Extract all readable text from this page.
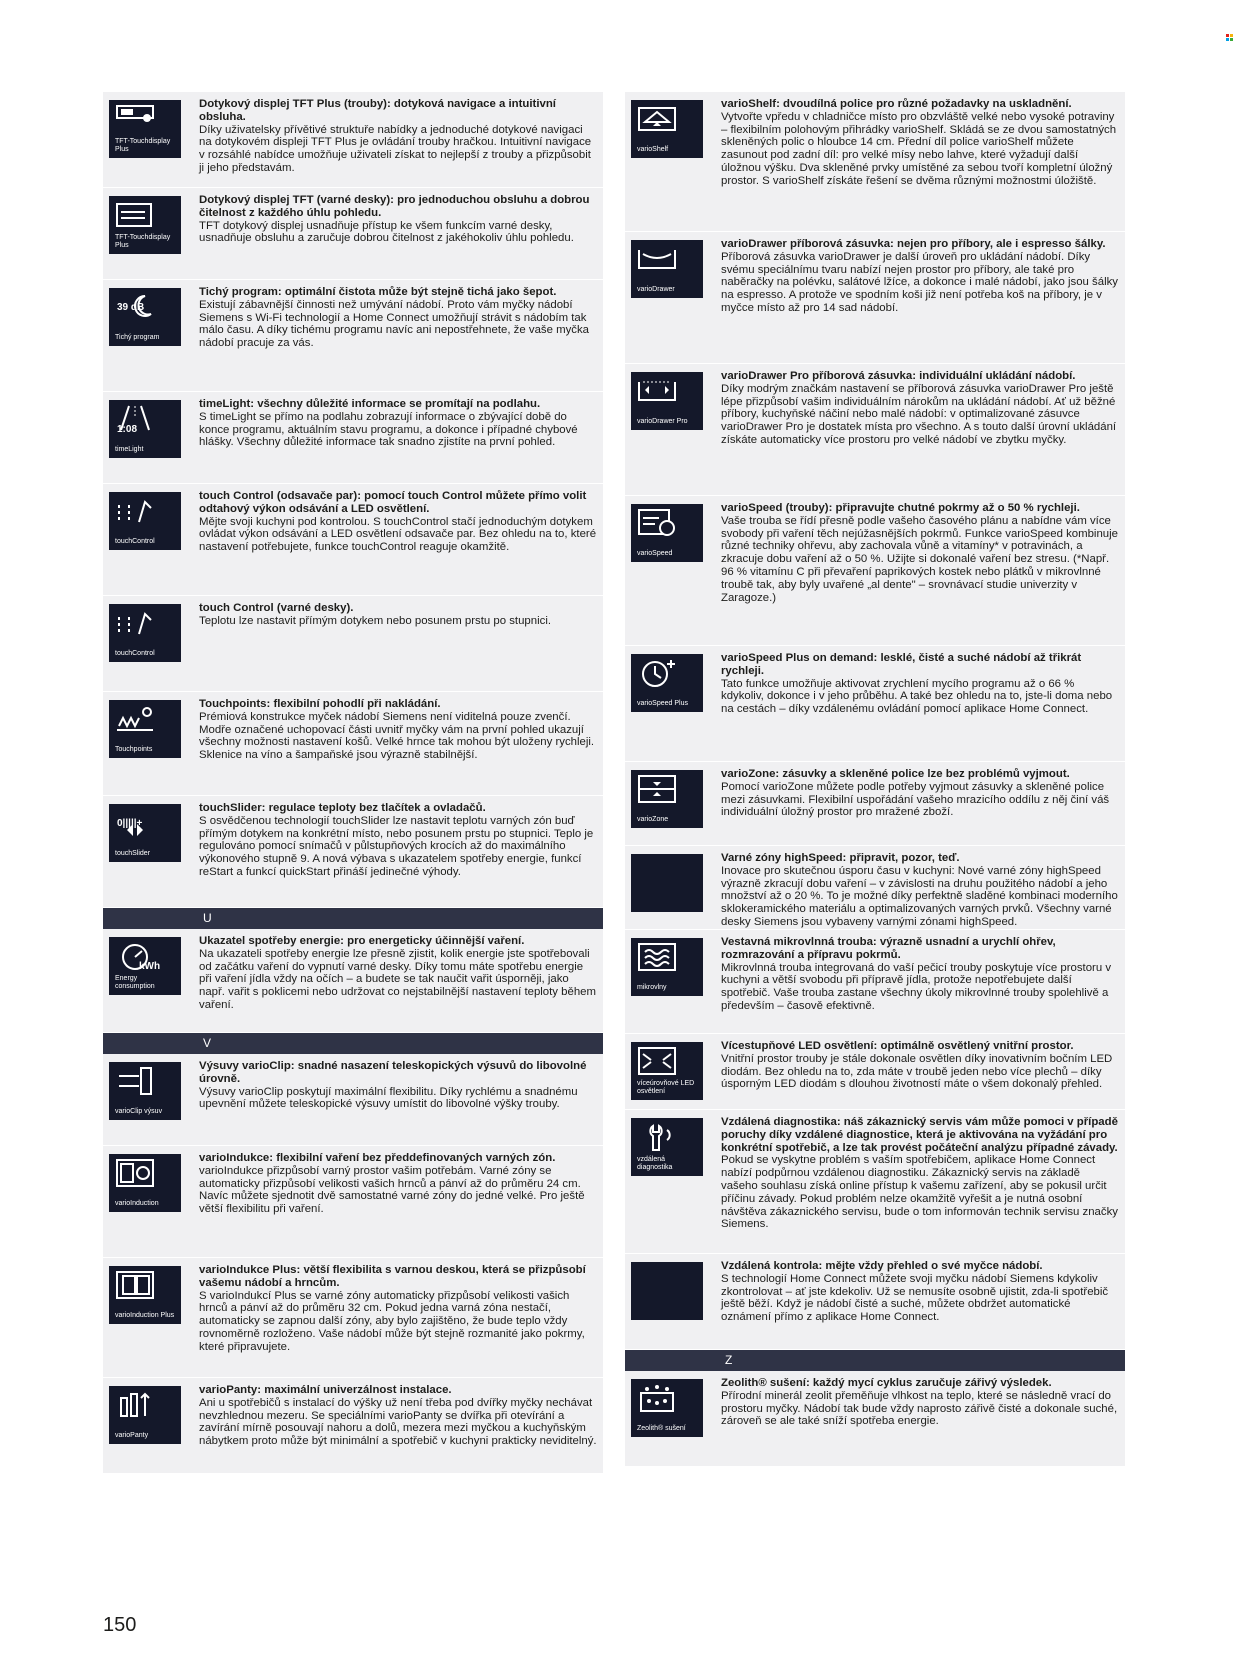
TFT-Touchdisplay Plus
Dotykový displej TFT Plus (trouby): dotyková navigace a intuitivní obsluha.
Díky uživatelsky přívětivé struktuře nabídky a jednoduché dotykové navigaci na dotykovém displeji TFT Plus je ovládání trouby hračkou. Intuitivní navigace v rozsáhlé nabídce umožňuje uživateli získat to nejlepší z trouby a přizpůsobit ji jeho představám.
TFT-Touchdisplay Plus
Dotykový displej TFT (varné desky): pro jednoduchou obsluhu a dobrou čitelnost z každého úhlu pohledu.
TFT dotykový displej usnadňuje přístup ke všem funkcím varné desky, usnadňuje obsluhu a zaručuje dobrou čitelnost z jakéhokoliv úhlu pohledu.
39 dB
Tichý program
Tichý program: optimální čistota může být stejně tichá jako šepot.
Existují zábavnější činnosti než umývání nádobí. Proto vám myčky nádobí Siemens s Wi-Fi technologií a Home Connect umožňují strávit s nádobím tak málo času. A díky tichému programu navíc ani nepostřehnete, že vaše myčka nádobí pracuje za vás.
1:08
timeLight
timeLight: všechny důležité informace se promítají na podlahu.
S timeLight se přímo na podlahu zobrazují informace o zbývající době do konce programu, aktuálním stavu programu, a dokonce i případné chybové hlášky. Všechny důležité informace tak snadno zjistíte na první pohled.
touchControl
touch Control (odsavače par): pomocí touch Control můžete přímo volit odtahový výkon odsávání a LED osvětlení.
Mějte svoji kuchyni pod kontrolou. S touchControl stačí jednoduchým dotykem ovládat výkon odsávání a LED osvětlení odsavače par. Bez ohledu na to, které nastavení potřebujete, funkce touchControl reaguje okamžitě.
touchControl
touch Control (varné desky).
Teplotu lze nastavit přímým dotykem nebo posunem prstu po stupnici.
Touchpoints
Touchpoints: flexibilní pohodlí při nakládání.
Prémiová konstrukce myček nádobí Siemens není viditelná pouze zvenčí. Modře označené uchopovací části uvnitř myčky vám na první pohled ukazují všechny možnosti nastavení košů. Velké hrnce tak mohou být uloženy rychleji. Sklenice na víno a šampaňské jsou výrazně stabilnější.
0|||||+
touchSlider
touchSlider: regulace teploty bez tlačítek a ovladačů.
S osvědčenou technologií touchSlider lze nastavit teplotu varných zón buď přímým dotykem na konkrétní místo, nebo posunem prstu po stupnici. Teplo je regulováno pomocí snímačů v půlstupňových krocích až do maximálního výkonového stupně 9. A nová výbava s ukazatelem spotřeby energie, funkcí reStart a funkcí quickStart přináší jedinečné výhody.
U
kWh
Energy consumption
Ukazatel spotřeby energie: pro energeticky účinnější vaření.
Na ukazateli spotřeby energie lze přesně zjistit, kolik energie jste spotřebovali od začátku vaření do vypnutí varné desky. Díky tomu máte spotřebu energie při vaření jídla vždy na očích – a budete se tak naučit vařit úsporněji, jako např. vařit s poklicemi nebo udržovat co nejstabilnější nastavení teploty během vaření.
V
varioClip výsuv
Výsuvy varioClip: snadné nasazení teleskopických výsuvů do libovolné úrovně.
Výsuvy varioClip poskytují maximální flexibilitu. Díky rychlému a snadnému upevnění můžete teleskopické výsuvy umístit do libovolné výšky trouby.
varioInduction
varioIndukce: flexibilní vaření bez předdefinovaných varných zón.
varioIndukce přizpůsobí varný prostor vašim potřebám. Varné zóny se automaticky přizpůsobí velikosti vašich hrnců a pánví až do průměru 24 cm. Navíc můžete sjednotit dvě samostatné varné zóny do jedné velké. Pro ještě větší flexibilitu při vaření.
varioInduction Plus
varioIndukce Plus: větší flexibilita s varnou deskou, která se přizpůsobí vašemu nádobí a hrncům.
S varioIndukcí Plus se varné zóny automaticky přizpůsobí velikosti vašich hrnců a pánví až do průměru 32 cm. Pokud jedna varná zóna nestačí, automaticky se zapnou další zóny, aby bylo zajištěno, že bude teplo vždy rovnoměrně rozloženo. Vaše nádobí může být stejně rozmanité jako pokrmy, které připravujete.
varioPanty
varioPanty: maximální univerzálnost instalace.
Ani u spotřebičů s instalací do výšky už není třeba pod dvířky myčky nechávat nevzhlednou mezeru. Se speciálními varioPanty se dvířka při otevírání a zavírání mírně posouvají nahoru a dolů, mezera mezi myčkou a kuchyňským nábytkem proto může být minimální a spotřebič v kuchyni prakticky neviditelný.
varioShelf
varioShelf: dvoudílná police pro různé požadavky na uskladnění.
Vytvořte vpředu v chladničce místo pro obzvláště velké nebo vysoké potraviny – flexibilním polohovým přihrádky varioShelf. Skládá se ze dvou samostatných skleněných polic o hloubce 14 cm. Přední díl police varioShelf můžete zasunout pod zadní díl: pro velké mísy nebo lahve, které vyžadují další úložnou výšku. Dva skleněné prvky umístěné za sebou tvoří kompletní úložný prostor. S varioShelf získáte řešení se dvěma různými možnostmi úložiště.
varioDrawer
varioDrawer příborová zásuvka: nejen pro příbory, ale i espresso šálky.
Příborová zásuvka varioDrawer je další úroveň pro ukládání nádobí. Díky svému speciálnímu tvaru nabízí nejen prostor pro příbory, ale také pro naběračky na polévku, salátové lžíce, a dokonce i malé nádobí, jako jsou šálky na espresso. A protože ve spodním koši již není potřeba koš na příbory, je v myčce místo až pro 14 sad nádobí.
varioDrawer Pro
varioDrawer Pro příborová zásuvka: individuální ukládání nádobí.
Díky modrým značkám nastavení se příborová zásuvka varioDrawer Pro ještě lépe přizpůsobí vašim individuálním nárokům na ukládání nádobí. Ať už běžné příbory, kuchyňské náčiní nebo malé nádobí: v optimalizované zásuvce varioDrawer Pro je dostatek místa pro všechno. A s touto další úrovní ukládání získáte automaticky více prostoru pro velké nádobí ve zbytku myčky.
varioSpeed
varioSpeed (trouby): připravujte chutné pokrmy až o 50 % rychleji.
Vaše trouba se řídí přesně podle vašeho časového plánu a nabídne vám více svobody při vaření těch nejúžasnějších pokrmů. Funkce varioSpeed kombinuje různé techniky ohřevu, aby zachovala vůně a vitamíny* v potravinách, a zkracuje dobu vaření až o 50 %. Užijte si dokonalé vaření bez stresu. (*Např. 96 % vitamínu C při převaření paprikových kostek nebo plátků v mikrovlnné troubě tak, aby byly uvařené „al dente" – srovnávací studie univerzity v Zaragoze.)
varioSpeed Plus
varioSpeed Plus on demand: lesklé, čisté a suché nádobí až třikrát rychleji.
Tato funkce umožňuje aktivovat zrychlení mycího programu až o 66 % kdykoliv, dokonce i v jeho průběhu. A také bez ohledu na to, jste-li doma nebo na cestách – díky vzdálenému ovládání pomocí aplikace Home Connect.
varioZone
varioZone: zásuvky a skleněné police lze bez problémů vyjmout.
Pomocí varioZone můžete podle potřeby vyjmout zásuvky a skleněné police mezi zásuvkami. Flexibilní uspořádání vašeho mrazicího oddílu z něj činí váš individuální úložný prostor pro mražené zboží.
Varné zóny highSpeed: připravit, pozor, teď.
Inovace pro skutečnou úsporu času v kuchyni: Nové varné zóny highSpeed výrazně zkracují dobu vaření – v závislosti na druhu použitého nádobí a jeho množství až o 20 %. To je možné díky perfektně sladěné kombinaci moderního sklokeramického materiálu a optimalizovaných varných prvků. Všechny varné desky Siemens jsou vybaveny varnými zónami highSpeed.
mikrovlny
Vestavná mikrovlnná trouba: výrazně usnadní a urychlí ohřev, rozmrazování a přípravu pokrmů.
Mikrovlnná trouba integrovaná do vaší pečicí trouby poskytuje více prostoru v kuchyni a větší svobodu při přípravě jídla, protože nepotřebujete další spotřebič. Vaše trouba zastane všechny úkoly mikrovlnné trouby spolehlivě a především – časově efektivně.
víceúrovňové LED osvětlení
Vícestupňové LED osvětlení: optimálně osvětlený vnitřní prostor.
Vnitřní prostor trouby je stále dokonale osvětlen díky inovativním bočním LED diodám. Bez ohledu na to, zda máte v troubě jeden nebo více plechů – díky úsporným LED diodám s dlouhou životností máte o všem dokonalý přehled.
vzdálená diagnostika
Vzdálená diagnostika: náš zákaznický servis vám může pomoci v případě poruchy díky vzdálené diagnostice, která je aktivována na vyžádání pro konkrétní spotřebič, a lze tak provést počáteční analýzu případné závady.
Pokud se vyskytne problém s vaším spotřebičem, aplikace Home Connect nabízí podpůrnou vzdálenou diagnostiku. Zákaznický servis na základě vašeho souhlasu získá online přístup k vašemu zařízení, aby se pokusil určit příčinu závady. Pokud problém nelze okamžitě vyřešit a je nutná osobní návštěva zákaznického servisu, bude o tom informován technik servisu značky Siemens.
Vzdálená kontrola: mějte vždy přehled o své myčce nádobí.
S technologií Home Connect můžete svoji myčku nádobí Siemens kdykoliv zkontrolovat – ať jste kdekoliv. Už se nemusíte osobně ujistit, zda-li spotřebič ještě běží. Když je nádobí čisté a suché, můžete obdržet automatické oznámení přímo z aplikace Home Connect.
Z
Zeolith® sušení
Zeolith® sušení: každý mycí cyklus zaručuje zářivý výsledek.
Přírodní minerál zeolit přeměňuje vlhkost na teplo, které se následně vrací do prostoru myčky. Nádobí tak bude vždy naprosto zářivě čisté a dokonale suché, zároveň se ale také sníží spotřeba energie.
150
